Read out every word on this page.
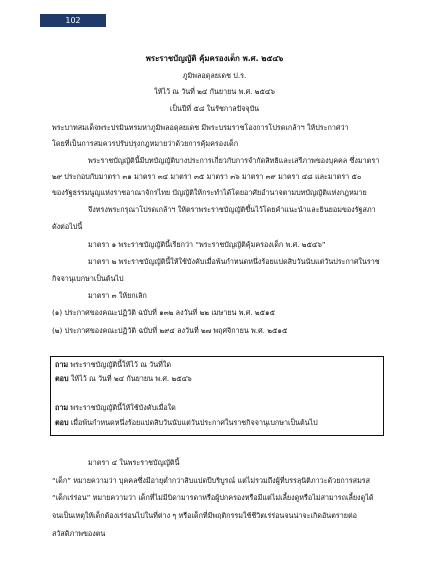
102
พระราชบัญญัติ คุ้มครองเด็ก พ.ศ. ๒๕๔๖
ภูมิพลอดุลยเดช ป.ร.
ให้ไว้ ณ วันที่ ๒๔ กันยายน พ.ศ. ๒๕๔๖
เป็นปีที่ ๕๘ ในรัชกาลปัจจุบัน
พระบาทสมเด็จพระปรมินทรมหาภูมิพลอดุลยเดช มีพระบรมราชโองการโปรดเกล้าฯ ให้ประกาศว่า
โดยที่เป็นการสมควรปรับปรุงกฎหมายว่าด้วยการคุ้มครองเด็ก
พระราชบัญญัตินี้มีบทบัญญัติบางประการเกี่ยวกับการจำกัดสิทธิและเสรีภาพของบุคคล ซึ่งมาตรา
๒๙ ประกอบกับมาตรา ๓๑ มาตรา ๓๔ มาตรา ๓๕ มาตรา ๓๖ มาตรา ๓๙ มาตรา ๔๘ และมาตรา ๕๐
ของรัฐธรรมนูญแห่งราชอาณาจักรไทย บัญญัติให้กระทำได้โดยอาศัยอำนาจตามบทบัญญัติแห่งกฎหมาย
จึงทรงพระกรุณาโปรดเกล้าฯ ให้ตราพระราชบัญญัติขึ้นไว้โดยคำแนะนำและยินยอมของรัฐสภา
ดังต่อไปนี้
มาตรา ๑ พระราชบัญญัตินี้เรียกว่า “พระราชบัญญัติคุ้มครองเด็ก พ.ศ. ๒๕๔๖”
มาตรา ๒ พระราชบัญญัตินี้ให้ใช้บังคับเมื่อพ้นกำหนดหนึ่งร้อยแปดสิบวันนับแต่วันประกาศในราช
กิจจานุเบกษาเป็นต้นไป
มาตรา ๓ ให้ยกเลิก
(๑) ประกาศของคณะปฏิวัติ ฉบับที่ ๑๓๒ ลงวันที่ ๒๒ เมษายน พ.ศ. ๒๕๑๕
(๒) ประกาศของคณะปฏิวัติ ฉบับที่ ๒๙๔ ลงวันที่ ๒๗ พฤศจิกายน พ.ศ. ๒๕๑๕
ถาม พระราชบัญญัตินี้ให้ไว้ ณ วันที่ใด
ตอบ ให้ไว้ ณ วันที่ ๒๔ กันยายน พ.ศ. ๒๕๔๖
ถาม พระราชบัญญัตินี้ให้ใช้บังคับเมื่อใด
ตอบ เมื่อพ้นกำหนดหนึ่งร้อยแปดสิบวันนับแต่วันประกาศในราชกิจจานุเบกษาเป็นต้นไป
มาตรา ๔ ในพระราชบัญญัตินี้
“เด็ก” หมายความว่า บุคคลซึ่งมีอายุต่ำกว่าสิบแปดปีบริบูรณ์ แต่ไม่รวมถึงผู้ที่บรรลุนิติภาวะด้วยการสมรส
“เด็กเร่ร่อน” หมายความว่า เด็กที่ไม่มีบิดามารดาหรือผู้ปกครองหรือมีแต่ไม่เลี้ยงดูหรือไม่สามารถเลี้ยงดูได้
จนเป็นเหตุให้เด็กต้องเร่ร่อนไปในที่ต่าง ๆ หรือเด็กที่มีพฤติกรรมใช้ชีวิตเร่ร่อนจนน่าจะเกิดอันตรายต่อ
สวัสดิภาพของตน
